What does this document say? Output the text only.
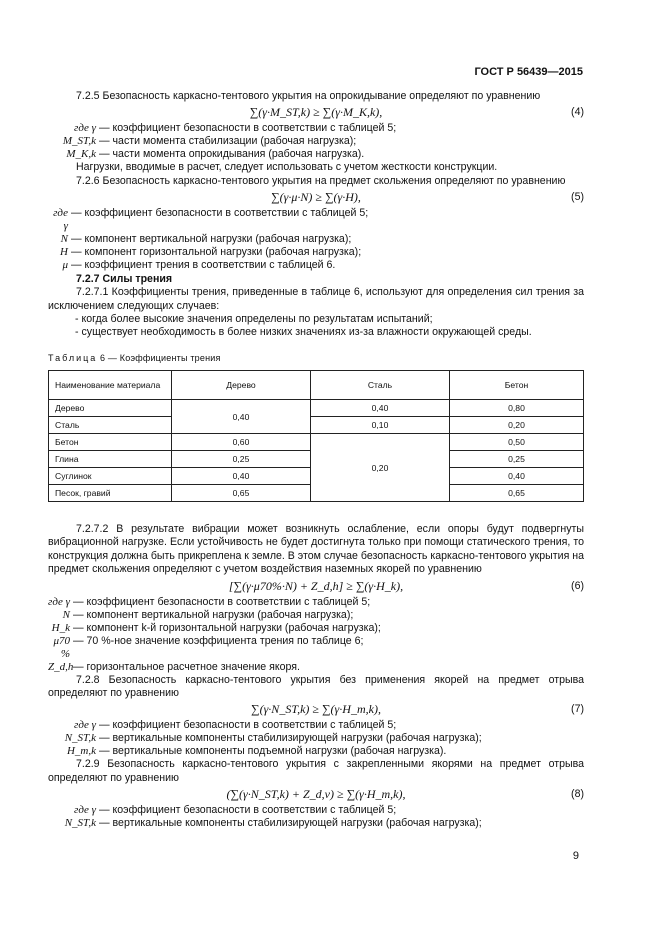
ГОСТ Р 56439—2015

7.2.5 Безопасность каркасно-тентового укрытия на опрокидывание определяют по уравнению

∑(γ·M_ST,k) ≥ ∑(γ·M_K,k),	(4)
где γ — коэффициент безопасности в соответствии с таблицей 5;
M_ST,k — части момента стабилизации (рабочая нагрузка);
M_K,k — части момента опрокидывания (рабочая нагрузка).

Нагрузки, вводимые в расчет, следует использовать с учетом жесткости конструкции.

7.2.6 Безопасность каркасно-тентового укрытия на предмет скольжения определяют по уравнению

∑(γ·μ·N) ≥ ∑(γ·H),	(5)
где γ
— коэффициент безопасности в соответствии с таблицей 5;
N — компонент вертикальной нагрузки (рабочая нагрузка);
H — компонент горизонтальной нагрузки (рабочая нагрузка);
μ — коэффициент трения в соответствии с таблицей 6.
7.2.7 Силы трения

7.2.7.1 Коэффициенты трения, приведенные в таблице 6, используют для определения сил трения за исключением следующих случаев:

- когда более высокие значения определены по результатам испытаний;
- существует необходимость в более низких значениях из-за влажности окружающей среды.
Таблица 6 — Коэффициенты трения
Наименование материала	Дерево	Сталь	Бетон
Дерево	0,40	0,40	0,80
Сталь		0,10	0,20
Бетон	0,60	0,20	0,50
Глина	0,25		0,25
Суглинок	0,40		0,40
Песок, гравий	0,65		0,65

7.2.7.2 В результате вибрации может возникнуть ослабление, если опоры будут подвергнуты вибрационной нагрузке. Если устойчивость не будет достигнута только при помощи статического трения, то конструкция должна быть прикреплена к земле. В этом случае безопасность каркасно-тентового укрытия на предмет скольжения определяют с учетом воздействия наземных якорей по уравнению

[∑(γ·μ70%·N) + Z_d,h] ≥ ∑(γ·H_k),	(6)
где γ — коэффициент безопасности в соответствии с таблицей 5;
N — компонент вертикальной нагрузки (рабочая нагрузка);
H_k — компонент k-й горизонтальной нагрузки (рабочая нагрузка);
μ70 %
— 70 %-ное значение коэффициента трения по таблице 6;
Z_d,h — горизонтальное расчетное значение якоря.

7.2.8 Безопасность каркасно-тентового укрытия без применения якорей на предмет отрыва определяют по уравнению

∑(γ·N_ST,k) ≥ ∑(γ·H_m,k),	(7)
где γ — коэффициент безопасности в соответствии с таблицей 5;
N_ST,k — вертикальные компоненты стабилизирующей нагрузки (рабочая нагрузка);
H_m,k — вертикальные компоненты подъемной нагрузки (рабочая нагрузка).

7.2.9 Безопасность каркасно-тентового укрытия с закрепленными якорями на предмет отрыва определяют по уравнению

(∑(γ·N_ST,k) + Z_d,v) ≥ ∑(γ·H_m,k),	(8)
где γ — коэффициент безопасности в соответствии с таблицей 5;
N_ST,k — вертикальные компоненты стабилизирующей нагрузки (рабочая нагрузка);
9
